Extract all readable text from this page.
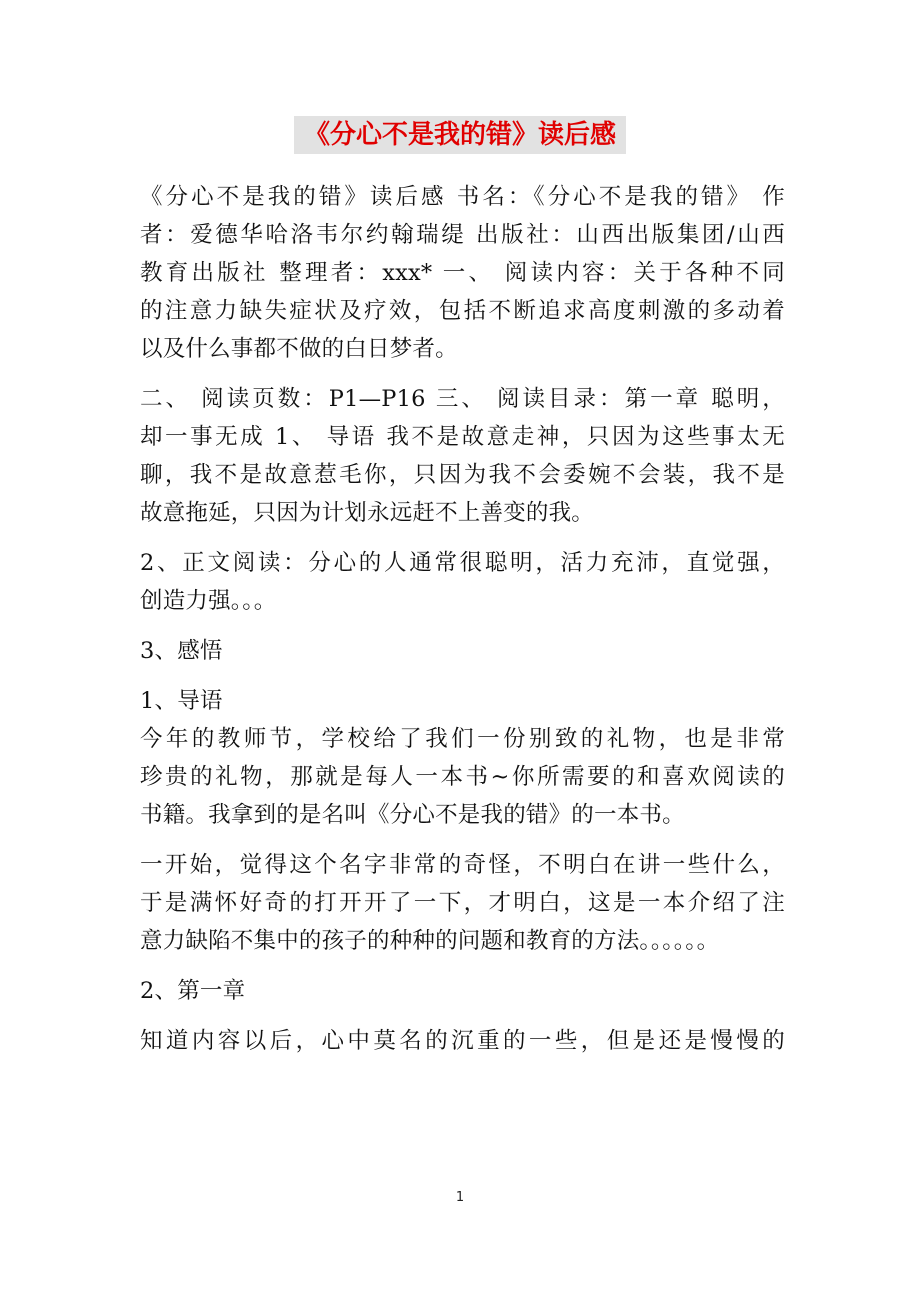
《分心不是我的错》读后感
《分心不是我的错》读后感 书名：《分心不是我的错》 作
者：爱德华哈洛韦尔约翰瑞缇 出版社：山西出版集团/山西
教育出版社 整理者：xxx* 一、 阅读内容：关于各种不同
的注意力缺失症状及疗效，包括不断追求高度刺激的多动着
以及什么事都不做的白日梦者。
二、 阅读页数：P1—P16 三、 阅读目录：第一章 聪明，
却一事无成 1、 导语 我不是故意走神，只因为这些事太无
聊，我不是故意惹毛你，只因为我不会委婉不会装，我不是
故意拖延，只因为计划永远赶不上善变的我。
2、正文阅读：分心的人通常很聪明，活力充沛，直觉强，
创造力强。。。
3、感悟
1、导语
今年的教师节，学校给了我们一份别致的礼物，也是非常
珍贵的礼物，那就是每人一本书~你所需要的和喜欢阅读的
书籍。我拿到的是名叫《分心不是我的错》的一本书。
一开始，觉得这个名字非常的奇怪，不明白在讲一些什么，
于是满怀好奇的打开开了一下，才明白，这是一本介绍了注
意力缺陷不集中的孩子的种种的问题和教育的方法。。。。。。
2、第一章
知道内容以后，心中莫名的沉重的一些，但是还是慢慢的
1
